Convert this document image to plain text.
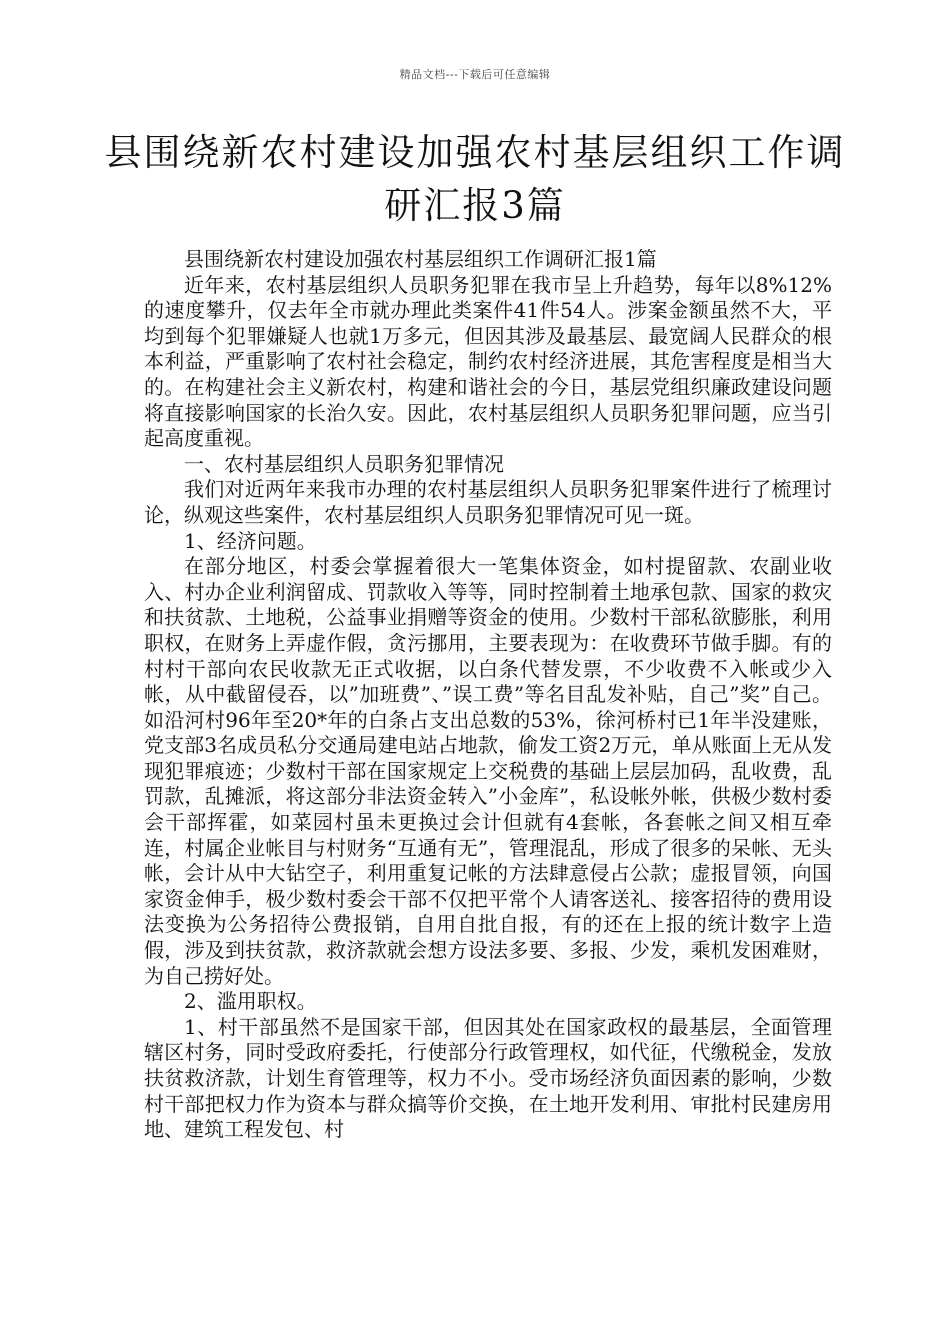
精品文档---下载后可任意编辑
县围绕新农村建设加强农村基层组织工作调研汇报3篇

县围绕新农村建设加强农村基层组织工作调研汇报1篇

近年来，农村基层组织人员职务犯罪在我市呈上升趋势，每年以8%12%的速度攀升，仅去年全市就办理此类案件41件54人。涉案金额虽然不大，平均到每个犯罪嫌疑人也就1万多元，但因其涉及最基层、最宽阔人民群众的根本利益，严重影响了农村社会稳定，制约农村经济进展，其危害程度是相当大的。在构建社会主义新农村，构建和谐社会的今日，基层党组织廉政建设问题将直接影响国家的长治久安。因此，农村基层组织人员职务犯罪问题，应当引起高度重视。

一、农村基层组织人员职务犯罪情况

我们对近两年来我市办理的农村基层组织人员职务犯罪案件进行了梳理讨论，纵观这些案件，农村基层组织人员职务犯罪情况可见一斑。

1、经济问题。

在部分地区，村委会掌握着很大一笔集体资金，如村提留款、农副业收入、村办企业利润留成、罚款收入等等，同时控制着土地承包款、国家的救灾和扶贫款、土地税，公益事业捐赠等资金的使用。少数村干部私欲膨胀，利用职权，在财务上弄虚作假，贪污挪用，主要表现为：在收费环节做手脚。有的村村干部向农民收款无正式收据，以白条代替发票，不少收费不入帐或少入帐，从中截留侵吞，以”加班费”、”误工费”等名目乱发补贴，自己”奖”自己。如沿河村96年至20*年的白条占支出总数的53%，徐河桥村已1年半没建账，党支部3名成员私分交通局建电站占地款，偷发工资2万元，单从账面上无从发现犯罪痕迹；少数村干部在国家规定上交税费的基础上层层加码，乱收费，乱罚款，乱摊派，将这部分非法资金转入”小金库”，私设帐外帐，供极少数村委会干部挥霍，如菜园村虽未更换过会计但就有4套帐，各套帐之间又相互牵连，村属企业帐目与村财务“互通有无”，管理混乱，形成了很多的呆帐、无头帐，会计从中大钻空子，利用重复记帐的方法肆意侵占公款；虚报冒领，向国家资金伸手，极少数村委会干部不仅把平常个人请客送礼、接客招待的费用设法变换为公务招待公费报销，自用自批自报，有的还在上报的统计数字上造假，涉及到扶贫款，救济款就会想方设法多要、多报、少发，乘机发困难财，为自己捞好处。

2、滥用职权。

1、村干部虽然不是国家干部，但因其处在国家政权的最基层，全面管理辖区村务，同时受政府委托，行使部分行政管理权，如代征，代缴税金，发放扶贫救济款，计划生育管理等，权力不小。受市场经济负面因素的影响，少数村干部把权力作为资本与群众搞等价交换，在土地开发利用、审批村民建房用地、建筑工程发包、村
